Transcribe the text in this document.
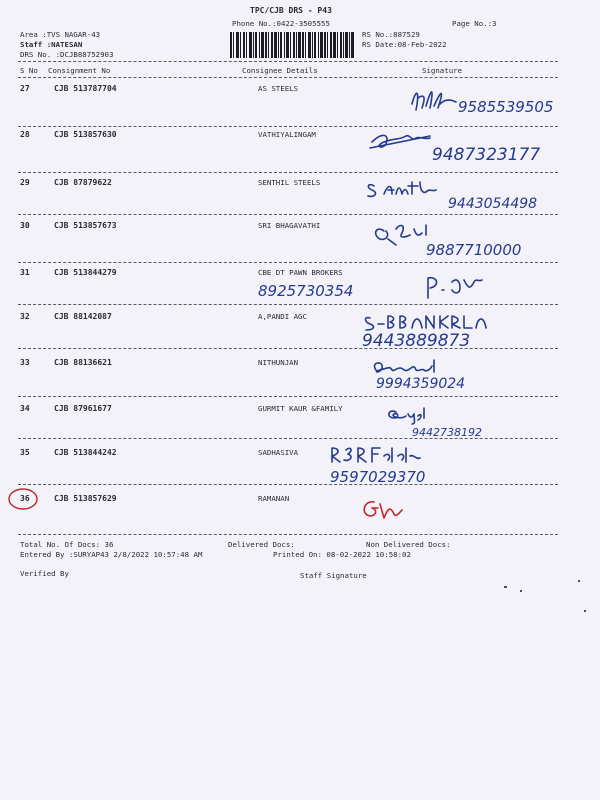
TPC/CJB DRS - P43
Phone No.:0422-3505555	Page No.:3
Area :TVS NAGAR-43
Staff :NATESAN
DRS No. :DCJB88752903
RS No.:887529
RS Date:08-Feb-2022
S No Consignment No	Consignee Details	Signature
27	CJB 513787704	AS STEELS
9585539505
28	CJB 513857630	VATHIYALINGAM
9487323177
29	CJB 87879622	SENTHIL STEELS
9443054498
30	CJB 513857673	SRI BHAGAVATHI
9887710000
31	CJB 513844279	CBE DT PAWN BROKERS
8925730354
32	CJB 88142087	A,PANDI AGC
9443889873
33	CJB 88136621	NITHUNJAN
9994359024
34	CJB 87961677	GURMIT KAUR &FAMILY
9442738192
35	CJB 513844242	SADHASIVA
9597029370
36	CJB 513857629	RAMANAN
Total No. Of Docs: 36	Delivered Docs:	Non Delivered Docs:
Entered By :SURYAP43 2/8/2022 10:57:48 AM	Printed On: 08-02-2022 10:58:02
Verified By	Staff Signature
